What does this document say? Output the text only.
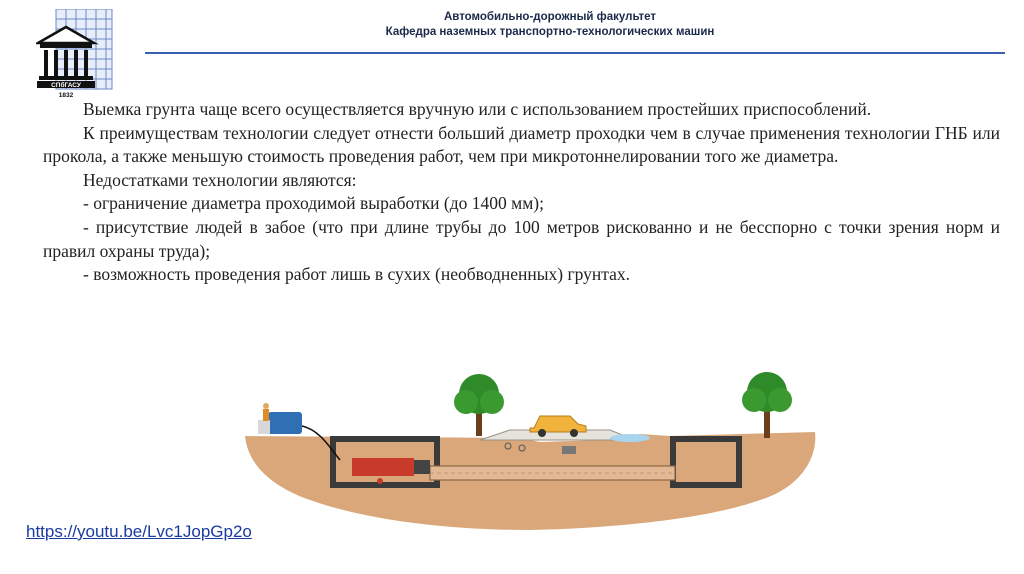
СПбГАСУ
1832
Автомобильно-дорожный факультет
Кафедра наземных транспортно-технологических машин

Выемка грунта чаще всего осуществляется вручную или с использованием простейших приспособлений.

К преимуществам технологии следует отнести больший диаметр проходки чем в случае применения технологии ГНБ или прокола, а также меньшую стоимость проведения работ, чем при микротоннелировании того же диаметра.

Недостатками технологии являются:

- ограничение диаметра проходимой выработки (до 1400 мм);

- присутствие людей в забое (что при длине трубы до 100 метров рискованно и не бесспорно с точки зрения норм и правил охраны труда);

- возможность проведения работ лишь в сухих (необводненных) грунтах.

https://youtu.be/Lvc1JopGp2o
